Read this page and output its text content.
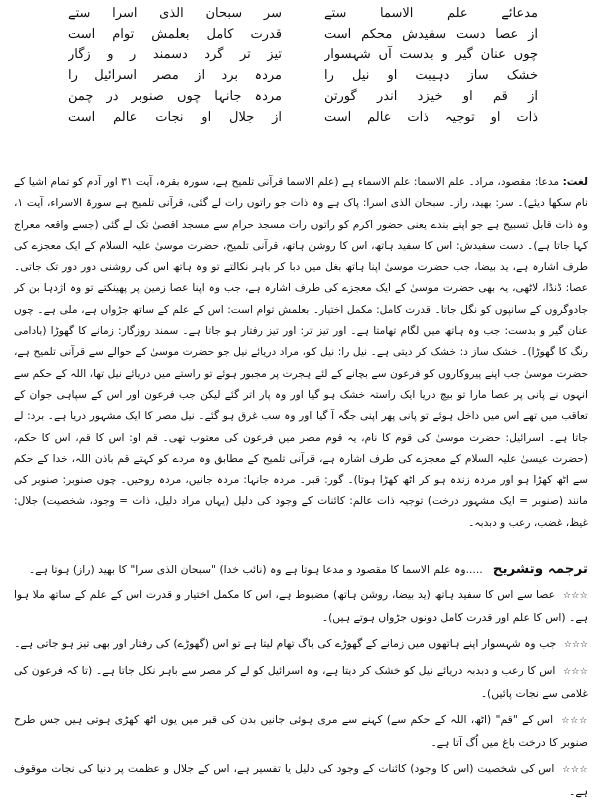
مدعائے علم الاسما ستے
از عصا دست سفیدش محکم است
چوں عنان گیر و بدست آں شہسوار
خشک ساز دہیبت او نیل را
از قم او خیزد اندر گورتن
ذات او توجیہ ذات عالم است
سر سبحان الذی اسرا ستے
قدرت کامل بعلمش توام است
تیز تر گرد دسمند ر و زگار
مردہ برد از مصر اسرائیل را
مردہ جانہا چوں صنوبر در چمن
از جلال او نجات عالم است
لغت: مدعا: مقصود، مراد۔ علم الاسما: علم الاسماء ہے (علم الاسما قرآنی تلمیح ہے، سورہ بقرہ، آیت ۳۱ اور آدم کو تمام اشیا کے نام سکھا دیئے)۔ سر: بھید، راز۔ سبحان الذی اسرا: پاک ہے وہ ذات جو راتوں رات لے گئی، قرآنی تلمیح ہے سورۃ الاسراء، آیت ۱، وہ ذات قابل تسبیح ہے جو اپنے بندے یعنی حضور اکرم کو راتوں رات مسجد حرام سے مسجد اقصیٰ تک لے گئی (جسے واقعہ معراج کہا جاتا ہے)۔ دست سفیدش: اس کا سفید ہاتھ، اس کا روشن ہاتھ، قرآنی تلمیح، حضرت موسیٰ علیہ السلام کے ایک معجزے کی طرف اشارہ ہے، ید بیضا، جب حضرت موسیٰ اپنا ہاتھ بغل میں دبا کر باہر نکالتے تو وہ ہاتھ اس کی روشنی دور دور تک جاتی۔ عصا: ڈنڈا، لاٹھی، یہ بھی حضرت موسیٰ کے ایک معجزے کی طرف اشارہ ہے، جب وہ اپنا عصا زمین پر پھینکتے تو وہ اژدہا بن کر جادوگروں کے سانپوں کو نگل جاتا۔ قدرت کامل: مکمل اختیار۔ بعلمش توام است: اس کے علم کے ساتھ جڑواں ہے، ملی ہے۔ چوں عنان گیر و بدست: جب وہ ہاتھ میں لگام تھامتا ہے۔ اور تیز تر: اور تیز رفتار ہو جاتا ہے۔ سمند روزگار: زمانے کا گھوڑا (بادامی رنگ کا گھوڑا)۔ خشک ساز د: خشک کر دیتی ہے۔ نیل را: نیل کو، مراد دریائے نیل جو حضرت موسیٰ کے حوالے سے قرآنی تلمیح ہے، حضرت موسیٰ جب اپنے پیروکاروں کو فرعون سے بچانے کے لئے ہجرت پر مجبور ہوئے تو راستے میں دریائے نیل تھا، اللہ کے حکم سے انہوں نے پانی پر عصا مارا تو بیچ دریا ایک راستہ خشک ہو گیا اور وہ پار اتر گئے لیکن جب فرعون اور اس کے سپاہی جوان کے تعاقب میں تھے اس میں داخل ہوئے تو پانی پھر اپنی جگہ آ گیا اور وہ سب غرق ہو گئے۔ نیل مصر کا ایک مشہور دریا ہے۔ برد: لے جاتا ہے۔ اسرائیل: حضرت موسیٰ کی قوم کا نام، یہ قوم مصر میں فرعون کی معتوب تھی۔ قم او: اس کا قم، اس کا حکم، (حضرت عیسیٰ علیہ السلام کے معجزے کی طرف اشارہ ہے، قرآنی تلمیح کے مطابق وہ مردے کو کہتے قم باذن اللہ، خدا کے حکم سے اٹھ کھڑا ہو اور مردہ زندہ ہو کر اٹھ کھڑا ہوتا)۔ گور: قبر۔ مردہ جانہا: مردہ جانیں، مردہ روحیں۔ چوں صنوبر: صنوبر کی مانند (صنوبر = ایک مشہور درخت) توجیہ ذات عالم: کائنات کے وجود کی دلیل (یہاں مراد دلیل، ذات = وجود، شخصیت) جلال: غیظ، غضب، رعب و دبدبہ۔
ترجمہ وتشریح
.....وہ علم الاسما کا مقصود و مدعا ہوتا ہے وہ (نائب خدا) "سبحان الذی سرا" کا بھید (راز) ہوتا ہے۔

☆☆☆ عصا سے اس کا سفید ہاتھ (ید بیضا، روشن ہاتھ) مضبوط ہے، اس کا مکمل اختیار و قدرت اس کے علم کے ساتھ ملا ہوا ہے۔ (اس کا علم اور قدرت کامل دونوں جڑواں ہوتے ہیں)۔

☆☆☆ جب وہ شہسوار اپنے ہاتھوں میں زمانے کے گھوڑے کی باگ تھام لیتا ہے تو اس (گھوڑے) کی رفتار اور بھی تیز ہو جاتی ہے۔

☆☆☆ اس کا رعب و دبدبہ دریائے نیل کو خشک کر دیتا ہے، وہ اسرائیل کو لے کر مصر سے باہر نکل جاتا ہے۔ (تا کہ فرعون کی غلامی سے نجات پائیں)۔

☆☆☆ اس کے "قم" (اٹھ، اللہ کے حکم سے) کہنے سے مری ہوئی جانیں بدن کی قبر میں یوں اٹھ کھڑی ہوتی ہیں جس طرح صنوبر کا درخت باغ میں اُگ آتا ہے۔

☆☆☆ اس کی شخصیت (اس کا وجود) کائنات کے وجود کی دلیل یا تفسیر ہے، اس کے جلال و عظمت پر دنیا کی نجات موقوف ہے۔
